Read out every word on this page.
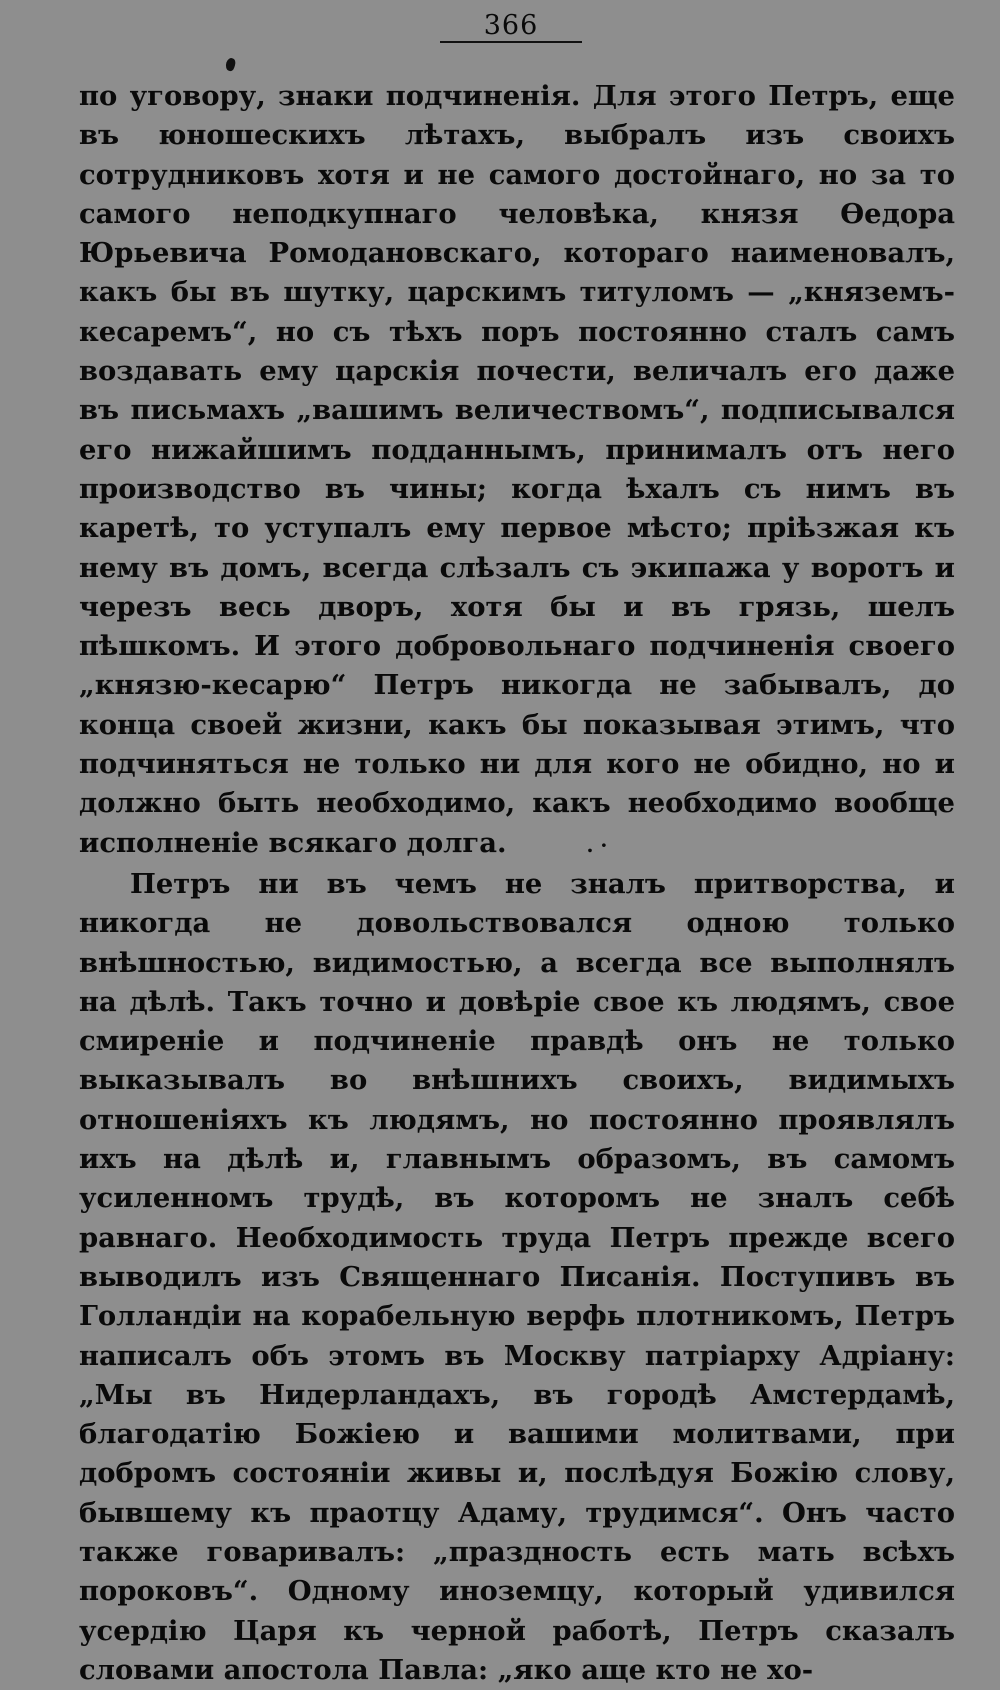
366

по уговору, знаки подчиненія. Для этого Петръ, еще въ юношескихъ лѣтахъ, выбралъ изъ своихъ сотрудниковъ хотя и не самого достойнаго, но за то самого неподкупнаго человѣка, князя Ѳедора Юрьевича Ромодановскаго, котораго наименовалъ, какъ бы въ шутку, царскимъ титуломъ — „княземъ-кесаремъ“, но съ тѣхъ поръ постоянно сталъ самъ воздавать ему царскія почести, величалъ его даже въ письмахъ „вашимъ величествомъ“, подписывался его нижайшимъ подданнымъ, принималъ отъ него производство въ чины; когда ѣхалъ съ нимъ въ каретѣ, то уступалъ ему первое мѣсто; пріѣзжая къ нему въ домъ, всегда слѣзалъ съ экипажа у воротъ и черезъ весь дворъ, хотя бы и въ грязь, шелъ пѣшкомъ. И этого добровольнаго подчиненія своего „князю-кесарю“ Петръ никогда не забывалъ, до конца своей жизни, какъ бы показывая этимъ, что подчиняться не только ни для кого не обидно, но и должно быть необходимо, какъ необходимо вообще исполненіе всякаго долга.	. ·

Петръ ни въ чемъ не зналъ притворства, и никогда не довольствовался одною только внѣшностью, видимостью, а всегда все выполнялъ на дѣлѣ. Такъ точно и довѣріе свое къ людямъ, свое смиреніе и подчиненіе правдѣ онъ не только выказывалъ во внѣшнихъ своихъ, видимыхъ отношеніяхъ къ людямъ, но постоянно проявлялъ ихъ на дѣлѣ и, главнымъ образомъ, въ самомъ усиленномъ трудѣ, въ которомъ не зналъ себѣ равнаго. Необходимость труда Петръ прежде всего выводилъ изъ Священнаго Писанія. Поступивъ въ Голландіи на корабельную верфь плотникомъ, Петръ написалъ объ этомъ въ Москву патріарху Адріану: „Мы въ Нидерландахъ, въ городѣ Амстердамѣ, благодатію Божіею и вашими молитвами, при добромъ состояніи живы и, послѣдуя Божію слову, бывшему къ праотцу Адаму, трудимся“. Онъ часто также говаривалъ: „праздность есть мать всѣхъ пороковъ“. Одному иноземцу, который удивился усердію Царя къ черной работѣ, Петръ сказалъ словами апостола Павла: „яко аще кто не хо-
